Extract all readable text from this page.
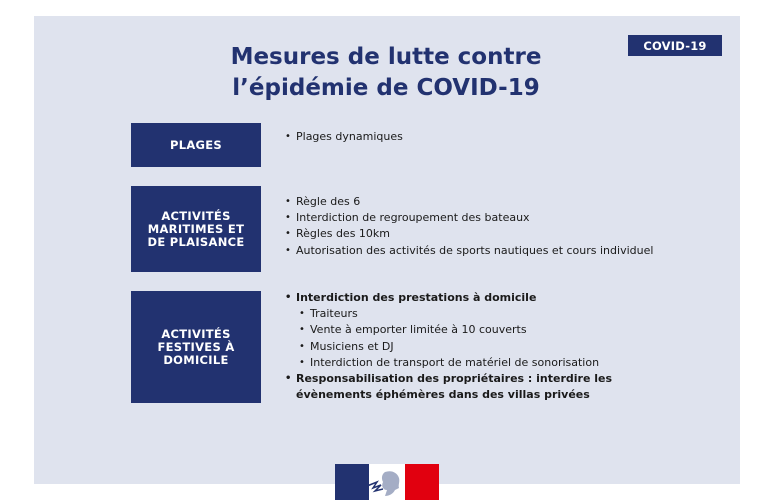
COVID-19
Mesures de lutte contre
l’épidémie de COVID-19
PLAGES
• Plages dynamiques
ACTIVITÉS
MARITIMES ET
DE PLAISANCE
• Règle des 6
• Interdiction de regroupement des bateaux
• Règles des 10km
• Autorisation des activités de sports nautiques et cours individuel
ACTIVITÉS
FESTIVES À
DOMICILE
• Interdiction des prestations à domicile
• Traiteurs
• Vente à emporter limitée à 10 couverts
• Musiciens et DJ
• Interdiction de transport de matériel de sonorisation
• Responsabilisation des propriétaires : interdire les évènements éphémères dans des villas privées
